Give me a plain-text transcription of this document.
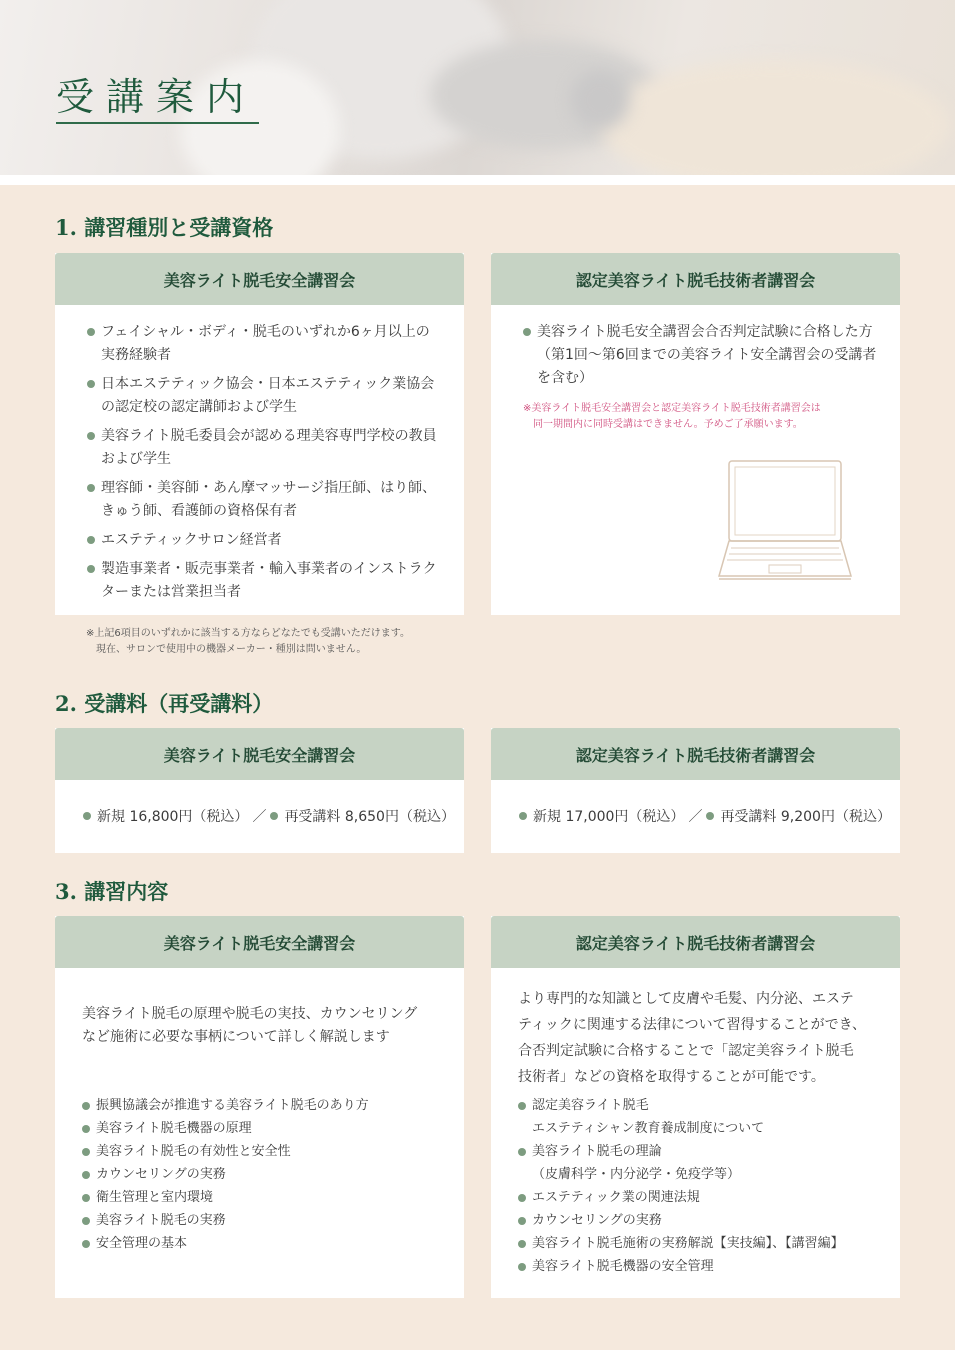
受講案内
1. 講習種別と受講資格
美容ライト脱毛安全講習会
フェイシャル・ボディ・脱毛のいずれか6ヶ月以上の実務経験者
日本エステティック協会・日本エステティック業協会の認定校の認定講師および学生
美容ライト脱毛委員会が認める理美容専門学校の教員および学生
理容師・美容師・あん摩マッサージ指圧師、はり師、きゅう師、看護師の資格保有者
エステティックサロン経営者
製造事業者・販売事業者・輸入事業者のインストラクターまたは営業担当者
認定美容ライト脱毛技術者講習会
美容ライト脱毛安全講習会合否判定試験に合格した方（第1回〜第6回までの美容ライト安全講習会の受講者を含む）
※美容ライト脱毛安全講習会と認定美容ライト脱毛技術者講習会は
同一期間内に同時受講はできません。予めご了承願います。
※上記6項目のいずれかに該当する方ならどなたでも受講いただけます。
現在、サロンで使用中の機器メーカー・種別は問いません。
2. 受講料（再受講料）
美容ライト脱毛安全講習会
新規 16,800円（税込） ／ 再受講料 8,650円（税込）
認定美容ライト脱毛技術者講習会
新規 17,000円（税込） ／ 再受講料 9,200円（税込）
3. 講習内容
美容ライト脱毛安全講習会
美容ライト脱毛の原理や脱毛の実技、カウンセリング
など施術に必要な事柄について詳しく解説します
振興協議会が推進する美容ライト脱毛のあり方
美容ライト脱毛機器の原理
美容ライト脱毛の有効性と安全性
カウンセリングの実務
衛生管理と室内環境
美容ライト脱毛の実務
安全管理の基本
認定美容ライト脱毛技術者講習会
より専門的な知識として皮膚や毛髪、内分泌、エステ
ティックに関連する法律について習得することができ、
合否判定試験に合格することで「認定美容ライト脱毛
技術者」などの資格を取得することが可能です。
認定美容ライト脱毛
エステティシャン教育養成制度について
美容ライト脱毛の理論
（皮膚科学・内分泌学・免疫学等）
エステティック業の関連法規
カウンセリングの実務
美容ライト脱毛施術の実務解説【実技編】、【講習編】
美容ライト脱毛機器の安全管理
